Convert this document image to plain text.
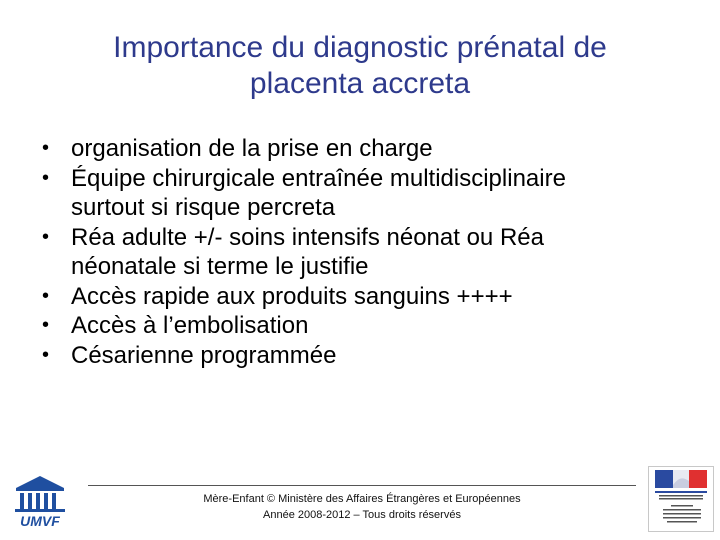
Importance du diagnostic prénatal de
placenta accreta
• organisation de la prise en charge
• Équipe chirurgicale entraînée multidisciplinaire
surtout si risque percreta
• Réa adulte +/- soins intensifs néonat ou Réa
néonatale si terme le justifie
• Accès rapide aux produits sanguins ++++
• Accès à l’embolisation
• Césarienne programmée
UMVF
Mère-Enfant © Ministère des Affaires Étrangères et Européennes
Année 2008-2012 – Tous droits réservés
